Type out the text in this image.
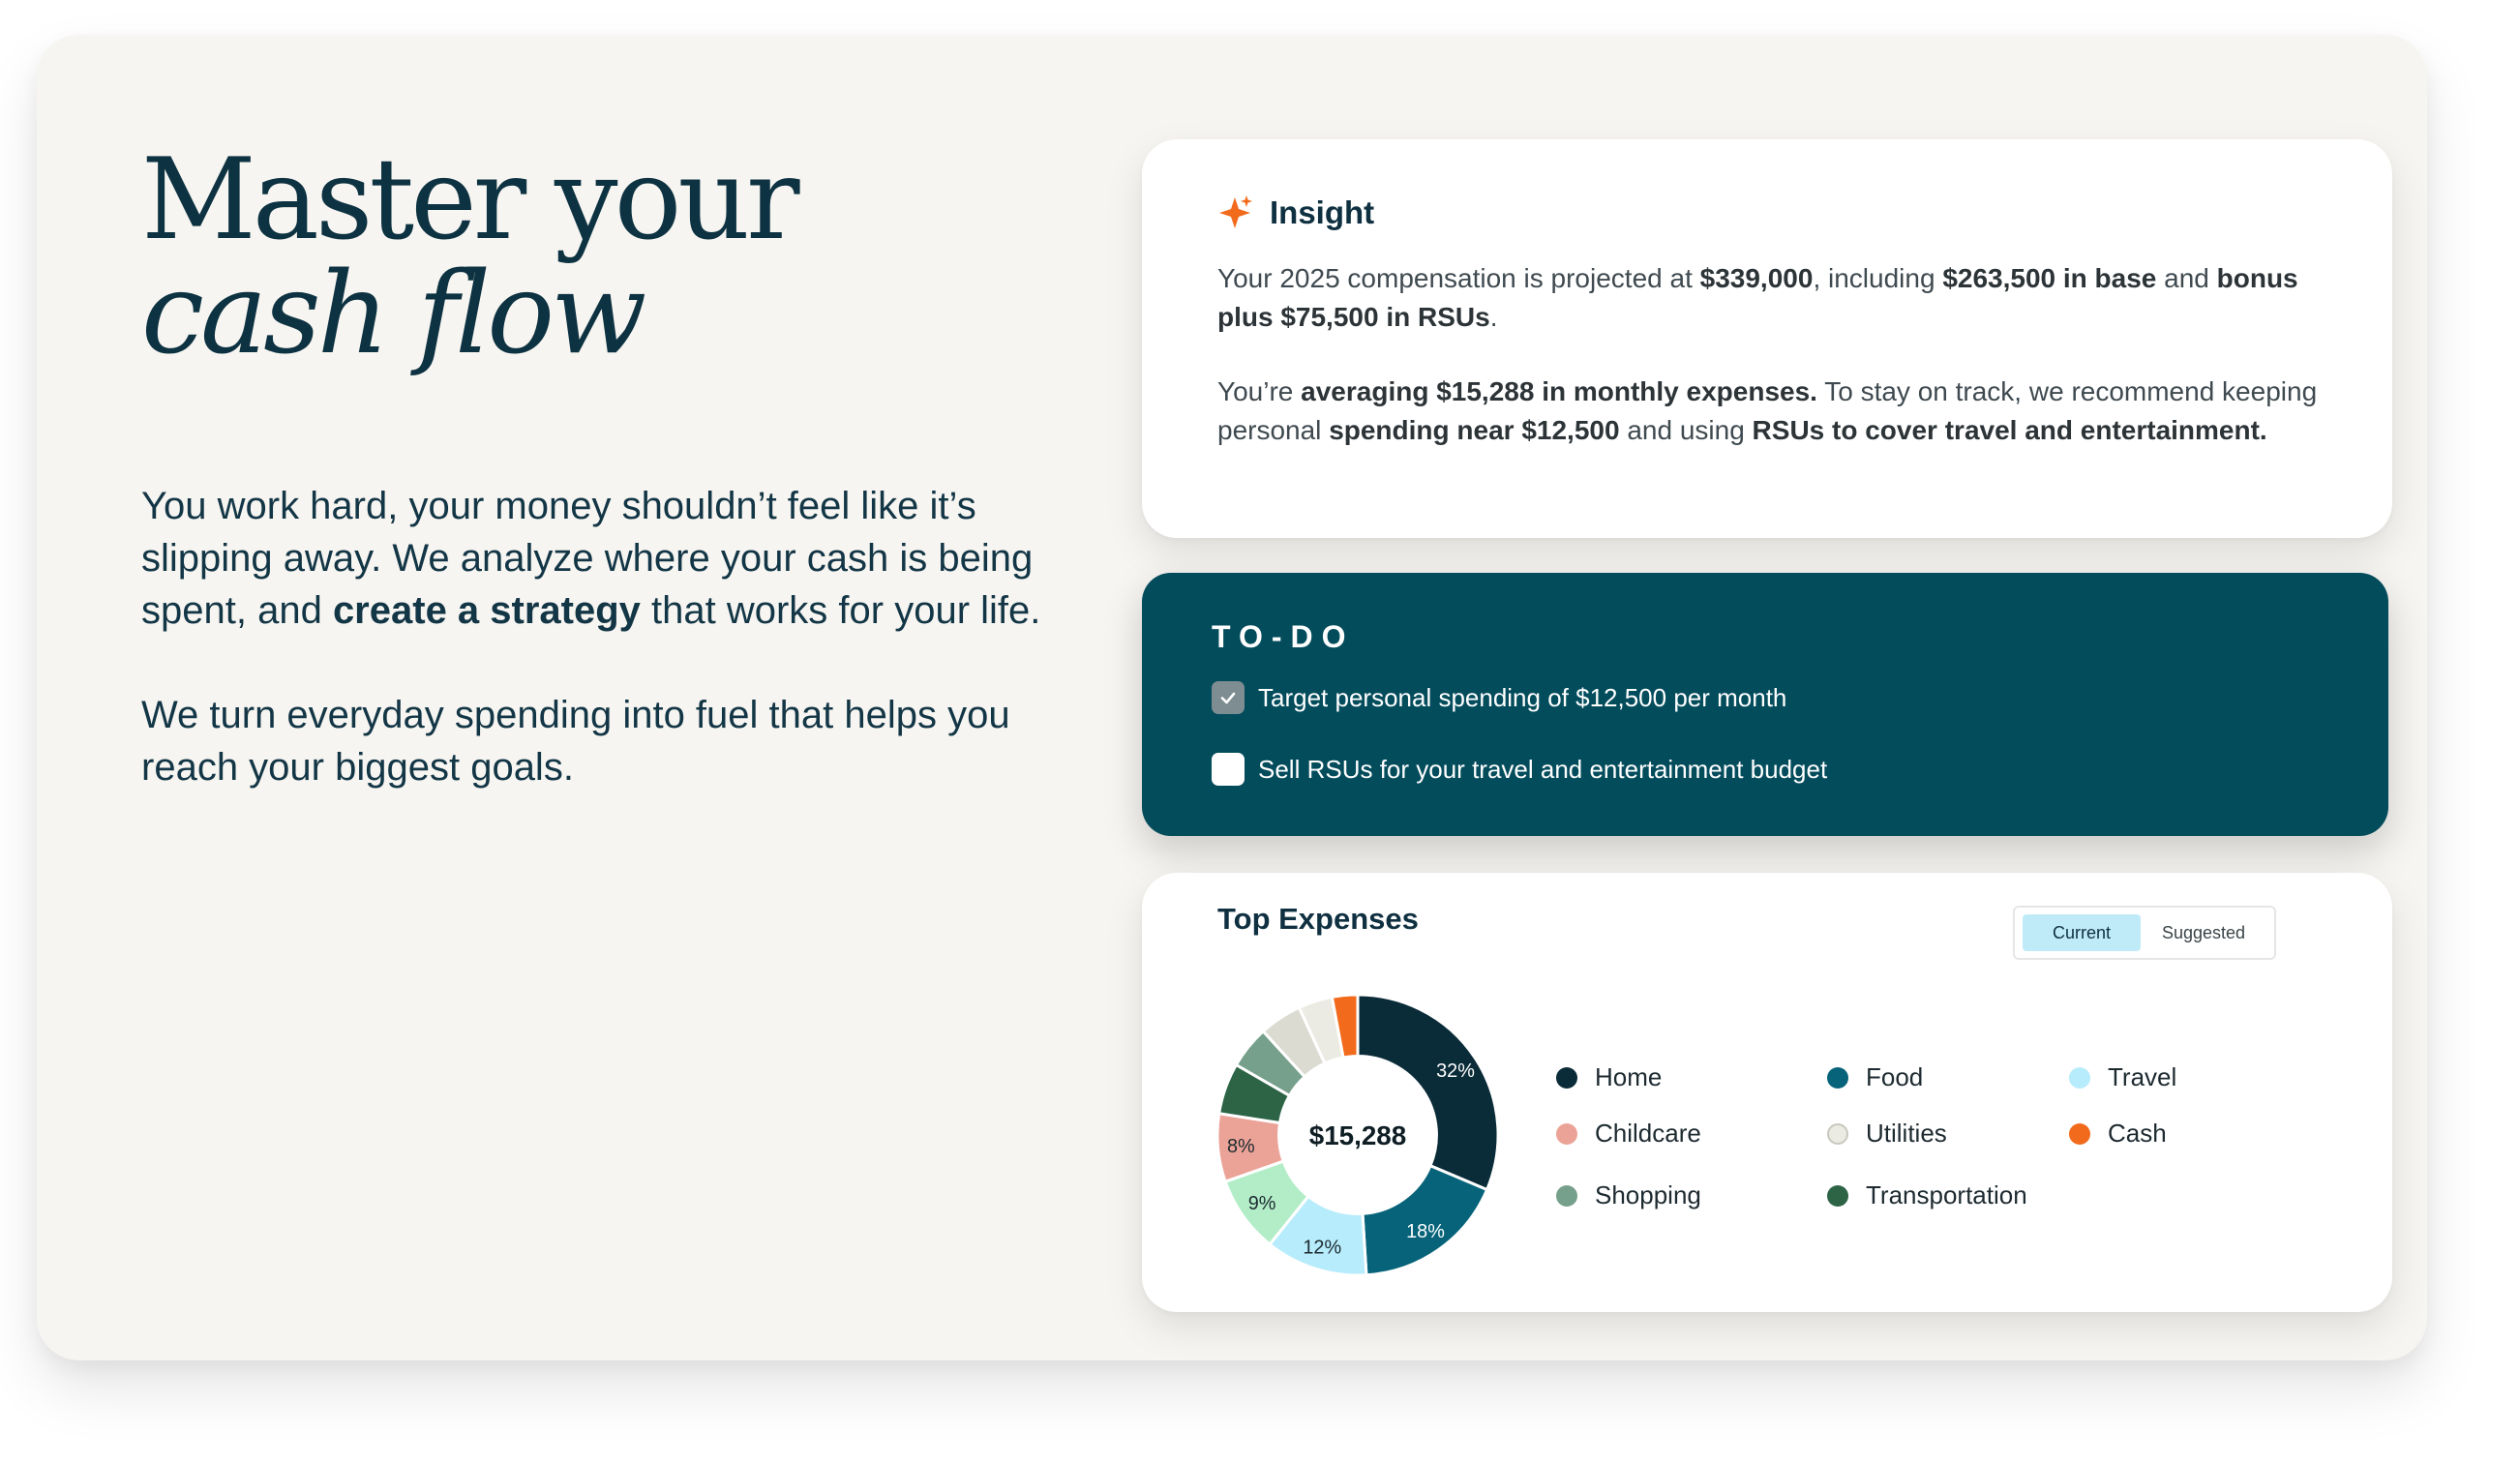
Master your
cash flow

You work hard, your money shouldn’t feel like it’s slipping away. We analyze where your cash is being spent, and create a strategy that works for your life.

We turn everyday spending into fuel that helps you reach your biggest goals.

Insight

Your 2025 compensation is projected at $339,000, including $263,500 in base and bonus plus $75,500 in RSUs.

You’re averaging $15,288 in monthly expenses. To stay on track, we recommend keeping personal spending near $12,500 and using RSUs to cover travel and entertainment.

TO-DO
Target personal spending of $12,500 per month
Sell RSUs for your travel and entertainment budget
Top Expenses	Current	Suggested
32%
18%
12%
9%
8% $15,288
Home	Food	Travel
Childcare	Utilities	Cash
Shopping	Transportation
